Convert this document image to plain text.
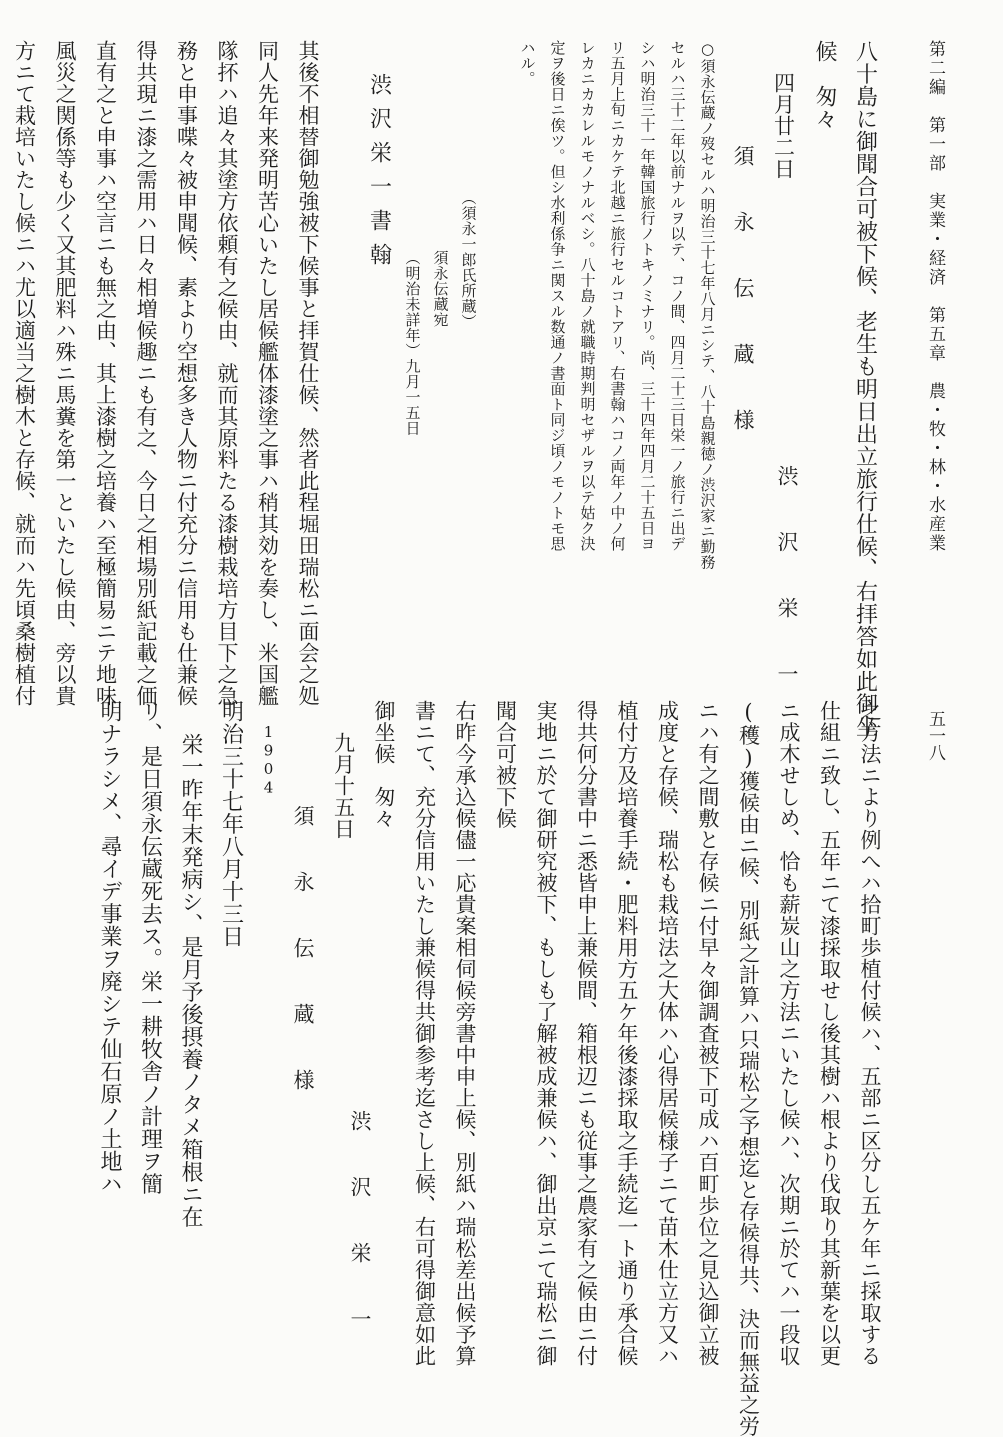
第二編　第一部　実業・経済　第五章　農・牧・林・水産業
八十島に御聞合可被下候、老生も明日出立旅行仕候、右拝答如此御坐
候　匆々
四月廿二日
須　永　伝　蔵　様
○須永伝蔵ノ歿セルハ明治三十七年八月ニシテ、八十島親徳ノ渋沢家ニ勤務
セルハ三十二年以前ナルヲ以テ、コノ間、四月二十三日栄一ノ旅行ニ出デ
シハ明治三十一年韓国旅行ノトキノミナリ。尚、三十四年四月二十五日ヨ
リ五月上旬ニカケテ北越ニ旅行セルコトアリ、右書翰ハコノ両年ノ中ノ何
レカニカカレルモノナルベシ。八十島ノ就職時期判明セザルヲ以テ姑ク決
定ヲ後日ニ俟ツ。但シ水利係争ニ関スル数通ノ書面ト同ジ頃ノモノトモ思
ハル。
（須永一郎氏所蔵）
須永伝蔵宛
（明治未詳年）九月一五日
渋沢栄一書翰
其後不相替御勉強被下候事と拝賀仕候、然者此程堀田瑞松ニ面会之処
同人先年来発明苦心いたし居候艦体漆塗之事ハ稍其効を奏し、米国艦
隊抔ハ追々其塗方依頼有之候由、就而其原料たる漆樹栽培方目下之急
務と申事喋々被申聞候、素より空想多き人物ニ付充分ニ信用も仕兼候
得共現ニ漆之需用ハ日々相増候趣ニも有之、今日之相場別紙記載之価
直有之と申事ハ空言ニも無之由、其上漆樹之培養ハ至極簡易ニテ地味
風災之関係等も少く又其肥料ハ殊ニ馬糞を第一といたし候由、旁以貴
方ニて栽培いたし候ニハ尤以適当之樹木と存候、就而ハ先頃桑樹植付	渋　沢　栄　一
五一八
之方法ニより例へハ拾町歩植付候ハ、五部ニ区分し五ケ年ニ採取する
仕組ニ致し、五年ニて漆採取せし後其樹ハ根より伐取り其新葉を以更
ニ成木せしめ、恰も薪炭山之方法ニいたし候ハ、次期ニ於てハ一段収
(穫)獲候由ニ候、別紙之計算ハ只瑞松之予想迄と存候得共、決而無益之労
ニハ有之間敷と存候ニ付早々御調査被下可成ハ百町歩位之見込御立被
成度と存候、瑞松も栽培法之大体ハ心得居候様子ニて苗木仕立方又ハ
植付方及培養手続・肥料用方五ケ年後漆採取之手続迄一ト通り承合候
得共何分書中ニ悉皆申上兼候間、箱根辺ニも従事之農家有之候由ニ付
実地ニ於て御研究被下、もしも了解被成兼候ハ、御出京ニて瑞松ニ御
聞合可被下候
右昨今承込候儘一応貴案相伺候旁書中申上候、別紙ハ瑞松差出候予算
書ニて、充分信用いたし兼候得共御参考迄さし上候、右可得御意如此
御坐候　匆々
九月十五日
須　永　伝　蔵　様
1904
明治三十七年八月十三日
栄一昨年末発病シ、是月予後摂養ノタメ箱根ニ在
リ、是日須永伝蔵死去ス。栄一耕牧舎ノ計理ヲ簡
明ナラシメ、尋イデ事業ヲ廃シテ仙石原ノ土地ハ
渋　沢　栄　一
